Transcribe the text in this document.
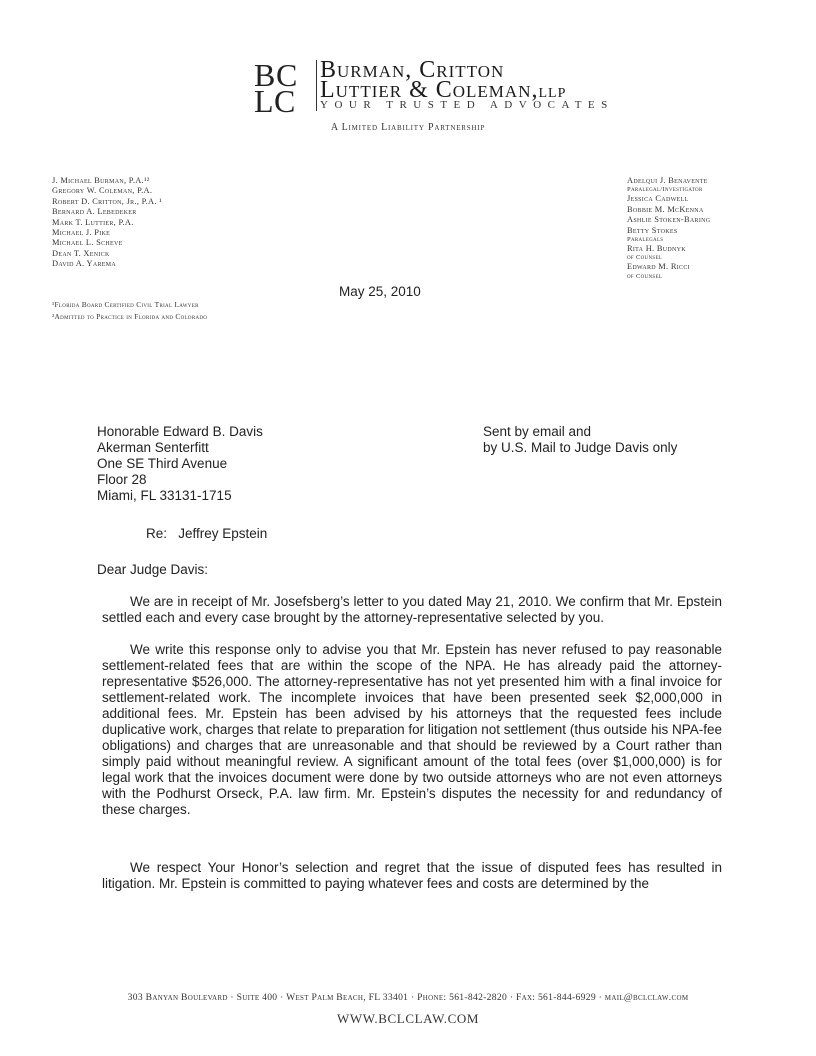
B C
L C
Burman, Critton
Luttier & Coleman,LLP
YOUR TRUSTED ADVOCATES
A Limited Liability Partnership
J. Michael Burman, P.A.¹²
Gregory W. Coleman, P.A.
Robert D. Critton, Jr., P.A. ¹
Bernard A. Lebedeker
Mark T. Luttier, P.A.
Michael J. Pike
Michael L. Scheve
Dean T. Xenick
David A. Yarema
¹Florida Board Certified Civil Trial Lawyer
²Admitted to Practice in Florida and Colorado
Adelqui J. Benavente
Paralegal/Investigator
Jessica Cadwell
Bobbie M. McKenna
Ashlie Stoken-Baring
Betty Stokes
Paralegals
Rita H. Budnyk
of Counsel
Edward M. Ricci
of Counsel
May 25, 2010
Honorable Edward B. Davis
Akerman Senterfitt
One SE Third Avenue
Floor 28
Miami, FL 33131-1715
Sent by email and
by U.S. Mail to Judge Davis only
Re:   Jeffrey Epstein
Dear Judge Davis:
We are in receipt of Mr. Josefsberg’s letter to you dated May 21, 2010. We confirm that Mr. Epstein settled each and every case brought by the attorney-representative selected by you.
We write this response only to advise you that Mr. Epstein has never refused to pay reasonable settlement-related fees that are within the scope of the NPA. He has already paid the attorney-representative $526,000. The attorney-representative has not yet presented him with a final invoice for settlement-related work. The incomplete invoices that have been presented seek $2,000,000 in additional fees. Mr. Epstein has been advised by his attorneys that the requested fees include duplicative work, charges that relate to preparation for litigation not settlement (thus outside his NPA-fee obligations) and charges that are unreasonable and that should be reviewed by a Court rather than simply paid without meaningful review. A significant amount of the total fees (over $1,000,000) is for legal work that the invoices document were done by two outside attorneys who are not even attorneys with the Podhurst Orseck, P.A. law firm. Mr. Epstein’s disputes the necessity for and redundancy of these charges.
We respect Your Honor’s selection and regret that the issue of disputed fees has resulted in litigation. Mr. Epstein is committed to paying whatever fees and costs are determined by the
303 Banyan Boulevard · Suite 400 · West Palm Beach, FL 33401 · Phone: 561-842-2820 · Fax: 561-844-6929 · mail@bclclaw.com
WWW.BCLCLAW.COM
